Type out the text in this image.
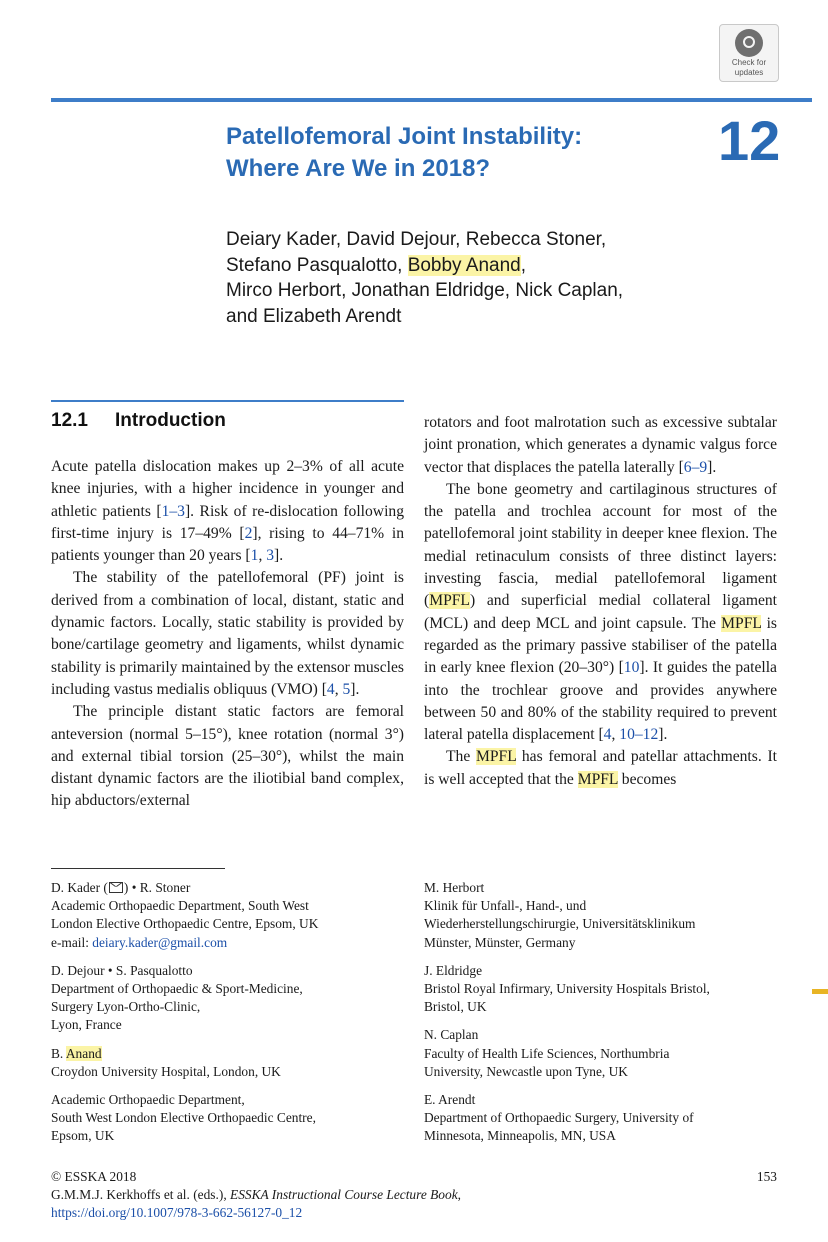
Check for
updates
12
Patellofemoral Joint Instability:
Where Are We in 2018?
Deiary Kader, David Dejour, Rebecca Stoner,
Stefano Pasqualotto, Bobby Anand,
Mirco Herbort, Jonathan Eldridge, Nick Caplan,
and Elizabeth Arendt
12.1 Introduction

Acute patella dislocation makes up 2–3% of all acute knee injuries, with a higher incidence in younger and athletic patients [1–3]. Risk of re-dislocation following first-time injury is 17–49% [2], rising to 44–71% in patients younger than 20 years [1, 3].

The stability of the patellofemoral (PF) joint is derived from a combination of local, distant, static and dynamic factors. Locally, static stability is provided by bone/cartilage geometry and ligaments, whilst dynamic stability is primarily maintained by the extensor muscles including vastus medialis obliquus (VMO) [4, 5].

The principle distant static factors are femoral anteversion (normal 5–15°), knee rotation (normal 3°) and external tibial torsion (25–30°), whilst the main distant dynamic factors are the iliotibial band complex, hip abductors/external

rotators and foot malrotation such as excessive subtalar joint pronation, which generates a dynamic valgus force vector that displaces the patella laterally [6–9].

The bone geometry and cartilaginous structures of the patella and trochlea account for most of the patellofemoral joint stability in deeper knee flexion. The medial retinaculum consists of three distinct layers: investing fascia, medial patellofemoral ligament (MPFL) and superficial medial collateral ligament (MCL) and deep MCL and joint capsule. The MPFL is regarded as the primary passive stabiliser of the patella in early knee flexion (20–30°) [10]. It guides the patella into the trochlear groove and provides anywhere between 50 and 80% of the stability required to prevent lateral patella displacement [4, 10–12].

The MPFL has femoral and patellar attachments. It is well accepted that the MPFL becomes

D. Kader ( ) • R. Stoner
Academic Orthopaedic Department, South West
London Elective Orthopaedic Centre, Epsom, UK
e-mail: deiary.kader@gmail.com
D. Dejour • S. Pasqualotto
Department of Orthopaedic & Sport-Medicine,
Surgery Lyon-Ortho-Clinic,
Lyon, France
B. Anand
Croydon University Hospital, London, UK
Academic Orthopaedic Department,
South West London Elective Orthopaedic Centre,
Epsom, UK
M. Herbort
Klinik für Unfall-, Hand-, und
Wiederherstellungschirurgie, Universitätsklinikum
Münster, Münster, Germany
J. Eldridge
Bristol Royal Infirmary, University Hospitals Bristol,
Bristol, UK
N. Caplan
Faculty of Health Life Sciences, Northumbria
University, Newcastle upon Tyne, UK
E. Arendt
Department of Orthopaedic Surgery, University of
Minnesota, Minneapolis, MN, USA
© ESSKA 2018
G.M.M.J. Kerkhoffs et al. (eds.), ESSKA Instructional Course Lecture Book,
https://doi.org/10.1007/978-3-662-56127-0_12
153
